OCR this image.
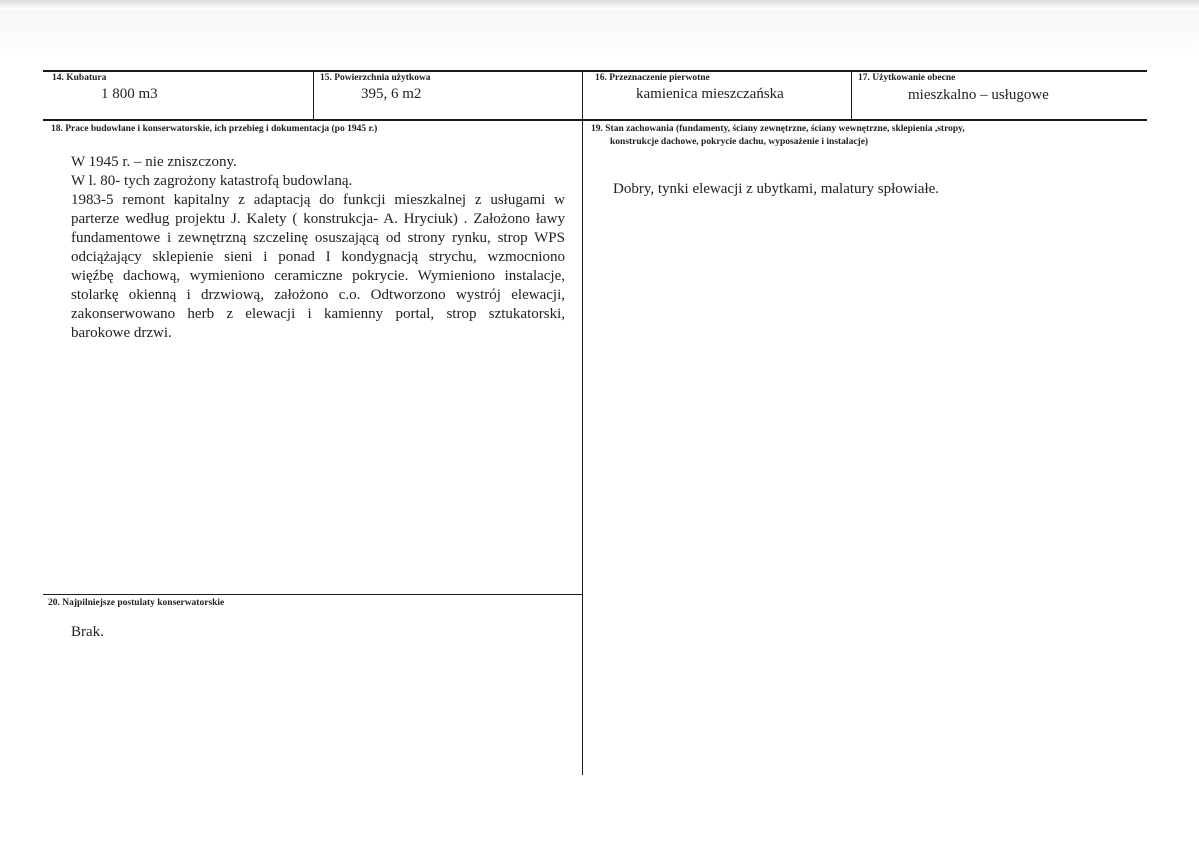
14. Kubatura
1 800 m3
15. Powierzchnia użytkowa
395, 6 m2
16. Przeznaczenie pierwotne
kamienica mieszczańska
17. Użytkowanie obecne
mieszkalno – usługowe
18. Prace budowlane i konserwatorskie, ich przebieg i dokumentacja (po 1945 r.)
W 1945 r. – nie zniszczony.
W l. 80- tych zagrożony katastrofą budowlaną.
1983-5 remont kapitalny z adaptacją do funkcji mieszkalnej z usługami w
parterze według projektu J. Kalety ( konstrukcja- A. Hryciuk) . Założono ławy
fundamentowe i zewnętrzną szczelinę osuszającą od strony rynku, strop WPS
odciążający sklepienie sieni i ponad I kondygnacją strychu, wzmocniono
więźbę dachową, wymieniono ceramiczne pokrycie. Wymieniono instalacje,
stolarkę okienną i drzwiową, założono c.o. Odtworzono wystrój elewacji,
zakonserwowano herb z elewacji i kamienny portal, strop sztukatorski,
barokowe drzwi.
19. Stan zachowania (fundamenty, ściany zewnętrzne, ściany wewnętrzne, sklepienia ,stropy,
konstrukcje dachowe, pokrycie dachu, wyposażenie i instalacje)
Dobry, tynki elewacji z ubytkami, malatury spłowiałe.
20. Najpilniejsze postulaty konserwatorskie
Brak.
